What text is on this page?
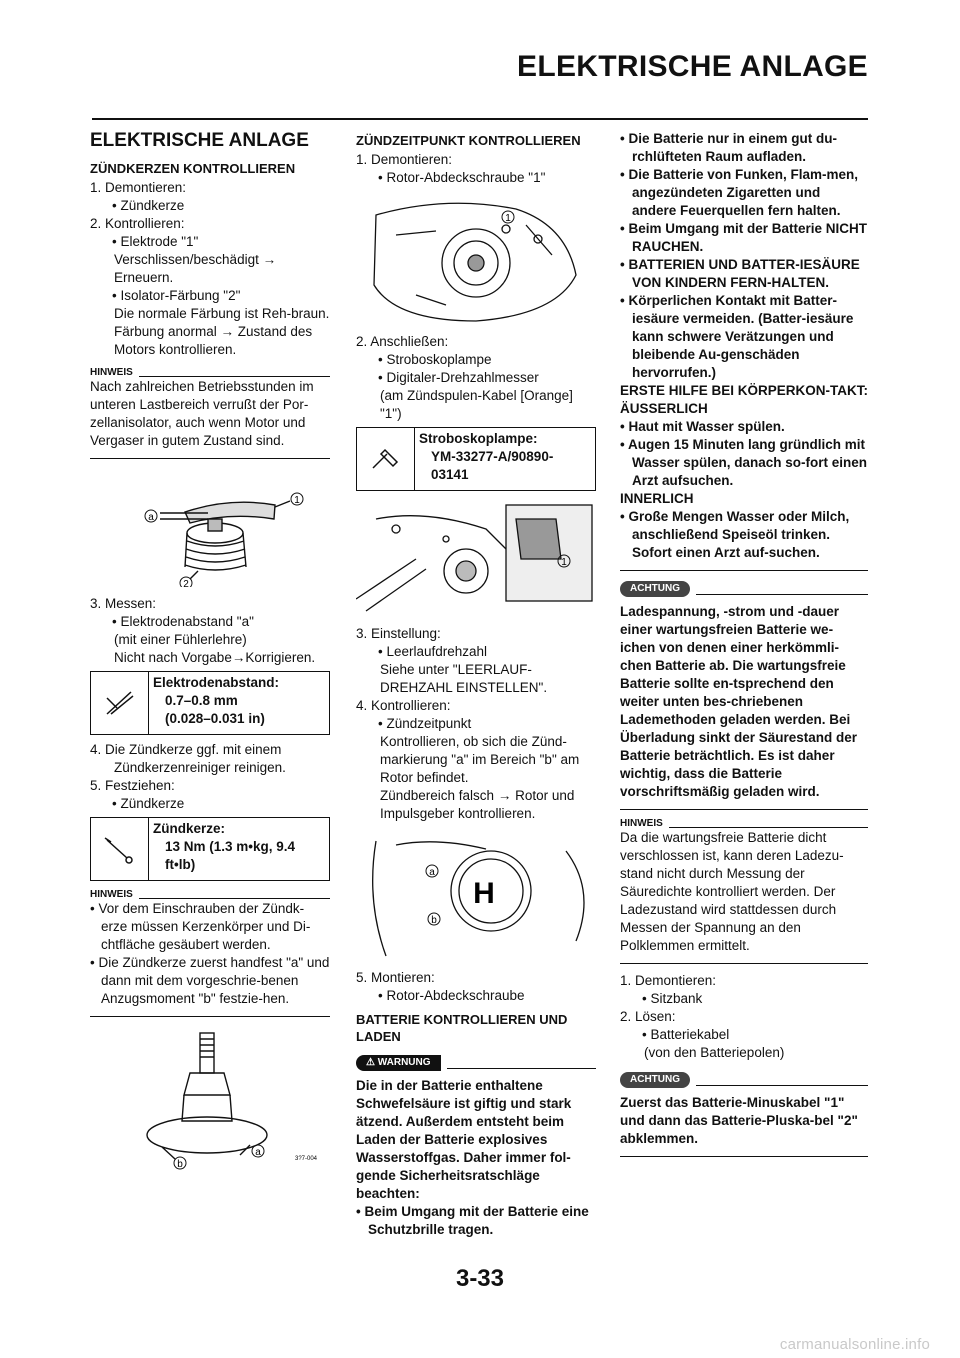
ELEKTRISCHE ANLAGE
ELEKTRISCHE ANLAGE
ZÜNDKERZEN KONTROLLIEREN
1. Demontieren:
• Zündkerze
2. Kontrollieren:
• Elektrode "1"
Verschlissen/beschädigt → Erneuern.
• Isolator-Färbung "2"
Die normale Färbung ist Reh-braun.
Färbung anormal → Zustand des Motors kontrollieren.
HINWEIS
Nach zahlreichen Betriebsstunden im unteren Lastbereich verrußt der Por-zellanisolator, auch wenn Motor und Vergaser in gutem Zustand sind.
a
1
2
3. Messen:
• Elektrodenabstand "a"
(mit einer Fühlerlehre)
Nicht nach Vorgabe→Korrigieren.
Elektrodenabstand:
0.7–0.8 mm
(0.028–0.031 in)
4. Die Zündkerze ggf. mit einem
Zündkerzenreiniger reinigen.
5. Festziehen:
• Zündkerze
Zündkerze:
13 Nm (1.3 m•kg, 9.4
ft•lb)
HINWEIS
• Vor dem Einschrauben der Zündk-erze müssen Kerzenkörper und Di-chtfläche gesäubert werden.
• Die Zündkerze zuerst handfest "a" und dann mit dem vorgeschrie-benen Anzugsmoment "b" festzie-hen.
a
b	3?7-004
ZÜNDZEITPUNKT KONTROLLIEREN
1. Demontieren:
• Rotor-Abdeckschraube "1"
1
2. Anschließen:
• Stroboskoplampe
• Digitaler-Drehzahlmesser
(am Zündspulen-Kabel [Orange] "1")
Stroboskoplampe:
YM-33277-A/90890-
03141
1
3. Einstellung:
• Leerlaufdrehzahl
Siehe unter "LEERLAUF-DREHZAHL EINSTELLEN".
4. Kontrollieren:
• Zündzeitpunkt
Kontrollieren, ob sich die Zünd-markierung "a" im Bereich "b" am Rotor befindet.
Zündbereich falsch → Rotor und Impulsgeber kontrollieren.
a
H
b
5. Montieren:
• Rotor-Abdeckschraube
BATTERIE KONTROLLIEREN UND LADEN
⚠ WARNUNG
Die in der Batterie enthaltene Schwefelsäure ist giftig und stark ätzend. Außerdem entsteht beim Laden der Batterie explosives Wasserstoffgas. Daher immer fol-gende Sicherheitsratschläge beachten:
• Beim Umgang mit der Batterie eine Schutzbrille tragen.
• Die Batterie nur in einem gut du-rchlüfteten Raum aufladen.
• Die Batterie von Funken, Flam-men, angezündeten Zigaretten und andere Feuerquellen fern halten.
• Beim Umgang mit der Batterie NICHT RAUCHEN.
• BATTERIEN UND BATTER-IESÄURE VON KINDERN FERN-HALTEN.
• Körperlichen Kontakt mit Batter-iesäure vermeiden. (Batter-iesäure kann schwere Verätzungen und bleibende Au-genschäden hervorrufen.)
ERSTE HILFE BEI KÖRPERKON-TAKT:
ÄUSSERLICH
• Haut mit Wasser spülen.
• Augen 15 Minuten lang gründlich mit Wasser spülen, danach so-fort einen Arzt aufsuchen.
INNERLICH
• Große Mengen Wasser oder Milch, anschließend Speiseöl trinken. Sofort einen Arzt auf-suchen.
ACHTUNG
Ladespannung, -strom und -dauer einer wartungsfreien Batterie we-ichen von denen einer herkömmli-chen Batterie ab. Die wartungsfreie Batterie sollte en-tsprechend den weiter unten bes-chriebenen Lademethoden geladen werden. Bei Überladung sinkt der Säurestand der Batterie beträchtlich. Es ist daher wichtig, dass die Batterie vorschriftsmäßig geladen wird.
HINWEIS
Da die wartungsfreie Batterie dicht verschlossen ist, kann deren Ladezu-stand nicht durch Messung der Säuredichte kontrolliert werden. Der Ladezustand wird stattdessen durch Messen der Spannung an den Polklemmen ermittelt.
1. Demontieren:
• Sitzbank
2. Lösen:
• Batteriekabel
(von den Batteriepolen)
ACHTUNG
Zuerst das Batterie-Minuskabel "1" und dann das Batterie-Pluska-bel "2" abklemmen.
3-33
carmanualsonline.info
